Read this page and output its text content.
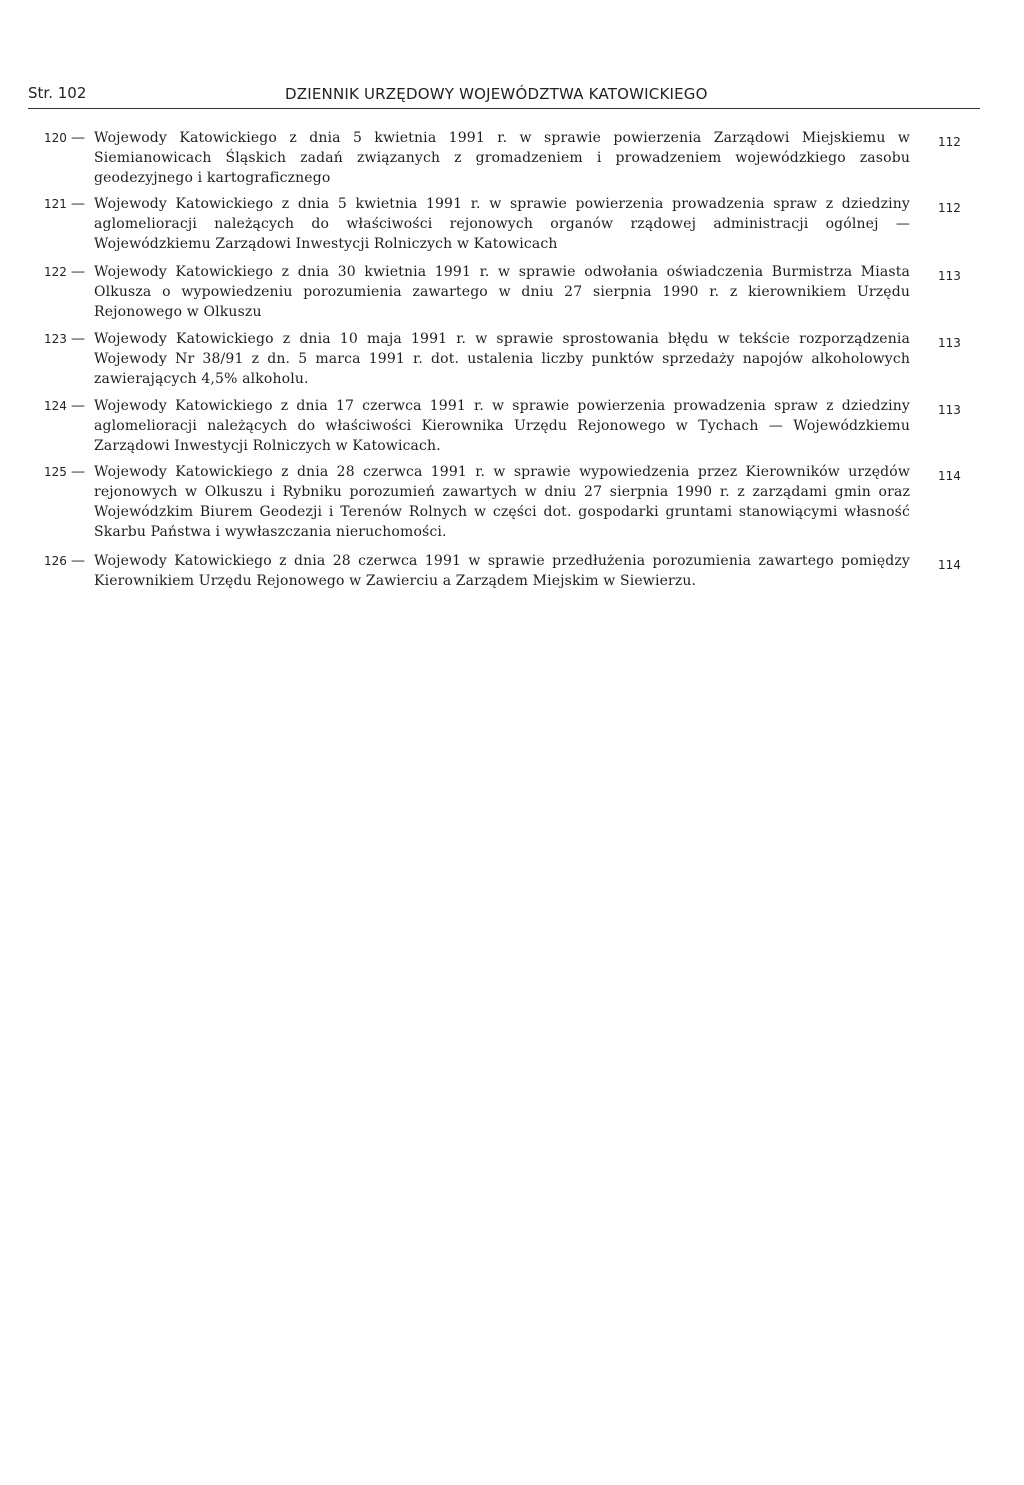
Str. 102	DZIENNIK URZĘDOWY WOJEWÓDZTWA KATOWICKIEGO
120 — Wojewody Katowickiego z dnia 5 kwietnia 1991 r. w sprawie powierzenia Zarządowi Miejskiemu w Siemianowicach Śląskich zadań związanych z gromadzeniem i prowadzeniem wojewódzkiego zasobu geodezyjnego i kartograficznego
112
121 — Wojewody Katowickiego z dnia 5 kwietnia 1991 r. w sprawie powierzenia prowadzenia spraw z dziedziny aglomelioracji należących do właściwości rejonowych organów rządowej administracji ogólnej — Wojewódzkiemu Zarządowi Inwestycji Rolniczych w Katowicach
112
122 — Wojewody Katowickiego z dnia 30 kwietnia 1991 r. w sprawie odwołania oświadczenia Burmistrza Miasta Olkusza o wypowiedzeniu porozumienia zawartego w dniu 27 sierpnia 1990 r. z kierownikiem Urzędu Rejonowego w Olkuszu
113
123 — Wojewody Katowickiego z dnia 10 maja 1991 r. w sprawie sprostowania błędu w tekście rozporządzenia Wojewody Nr 38/91 z dn. 5 marca 1991 r. dot. ustalenia liczby punktów sprzedaży napojów alkoholowych zawierających 4,5% alkoholu.
113
124 — Wojewody Katowickiego z dnia 17 czerwca 1991 r. w sprawie powierzenia prowadzenia spraw z dziedziny aglomelioracji należących do właściwości Kierownika Urzędu Rejonowego w Tychach — Wojewódzkiemu Zarządowi Inwestycji Rolniczych w Katowicach.
113
125 — Wojewody Katowickiego z dnia 28 czerwca 1991 r. w sprawie wypowiedzenia przez Kierowników urzędów rejonowych w Olkuszu i Rybniku porozumień zawartych w dniu 27 sierpnia 1990 r. z zarządami gmin oraz Wojewódzkim Biurem Geodezji i Terenów Rolnych w części dot. gospodarki gruntami stanowiącymi własność Skarbu Państwa i wywłaszczania nieruchomości.
114
126 — Wojewody Katowickiego z dnia 28 czerwca 1991 w sprawie przedłużenia porozumienia zawartego pomiędzy Kierownikiem Urzędu Rejonowego w Zawierciu a Zarządem Miejskim w Siewierzu.
114
